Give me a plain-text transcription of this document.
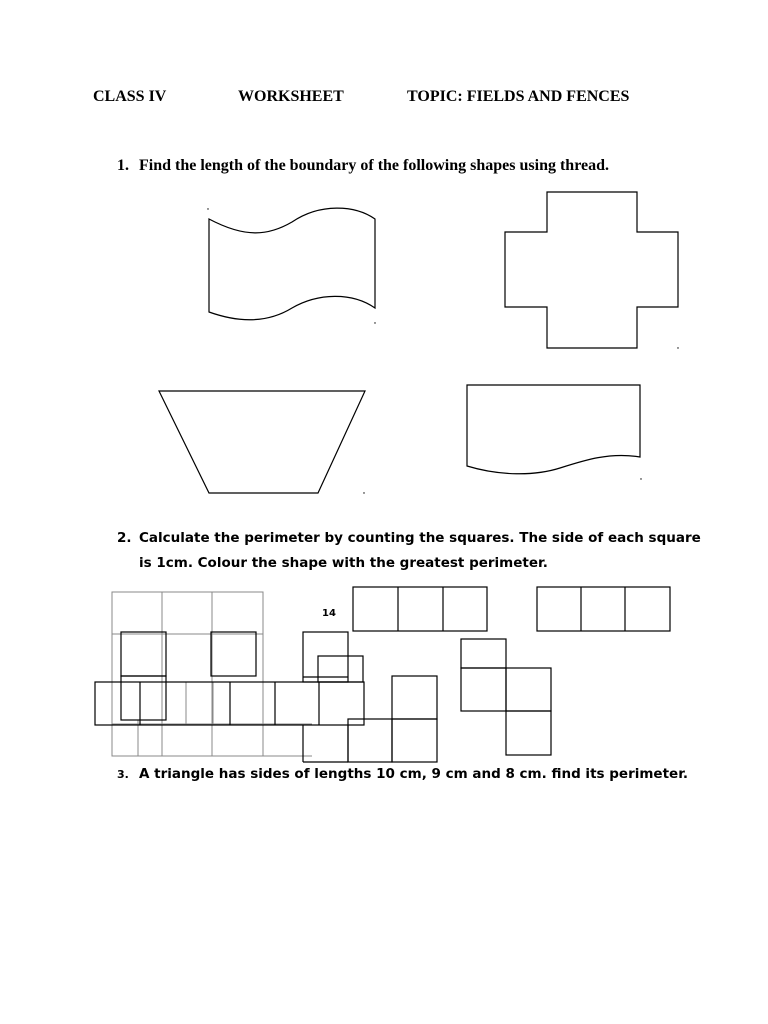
CLASS IV	WORKSHEET	TOPIC: FIELDS AND FENCES
1. Find the length of the boundary of the following shapes using thread.
14
2. Calculate the perimeter by counting the squares. The side of each square
is 1cm. Colour the shape with the greatest perimeter.
3. A triangle has sides of lengths 10 cm, 9 cm and 8 cm. find its perimeter.
